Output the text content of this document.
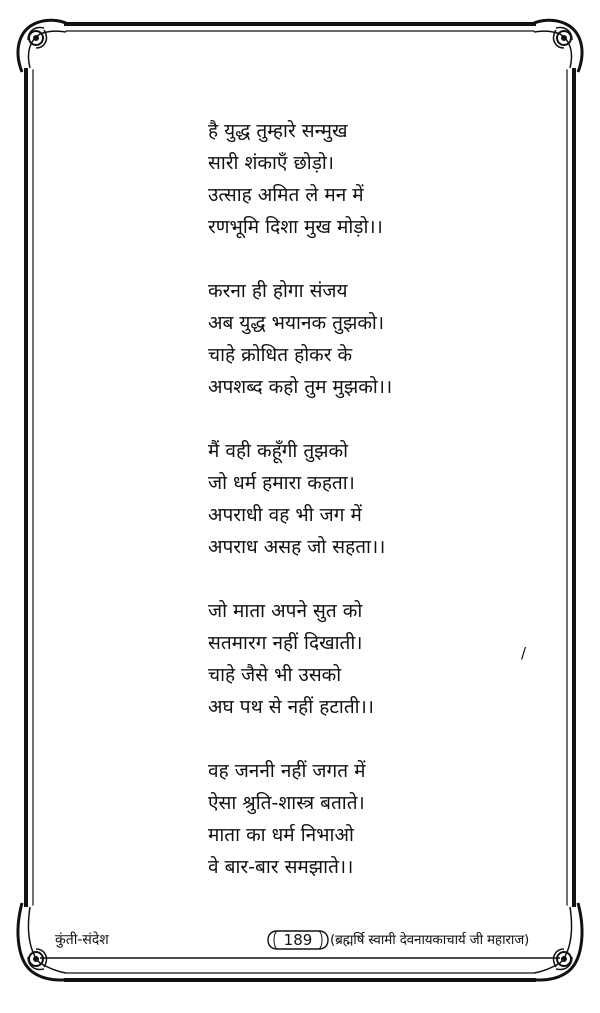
है युद्ध तुम्हारे सन्मुख
सारी शंकाएँ छोड़ो।
उत्साह अमित ले मन में
रणभूमि दिशा मुख मोड़ो।।
करना ही होगा संजय
अब युद्ध भयानक तुझको।
चाहे क्रोधित होकर के
अपशब्द कहो तुम मुझको।।
मैं वही कहूँगी तुझको
जो धर्म हमारा कहता।
अपराधी वह भी जग में
अपराध असह जो सहता।।
जो माता अपने सुत को
सतमारग नहीं दिखाती।
चाहे जैसे भी उसको
अघ पथ से नहीं हटाती।।
वह जननी नहीं जगत में
ऐसा श्रुति-शास्त्र बताते।
माता का धर्म निभाओ
वे बार-बार समझाते।।
/
कुंती-संदेश	189	(ब्रह्मर्षि स्वामी देवनायकाचार्य जी महाराज)
